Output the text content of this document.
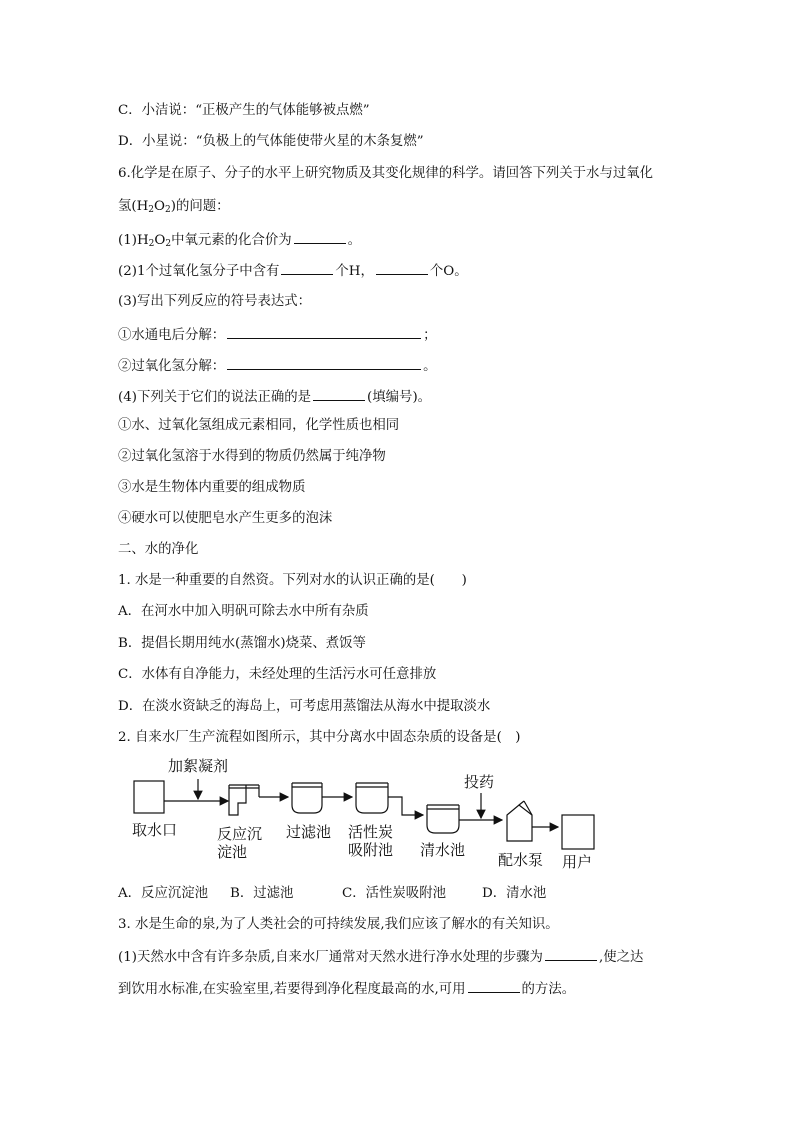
C．小洁说：“正极产生的气体能够被点燃”
D．小星说：“负极上的气体能使带火星的木条复燃”
6.化学是在原子、分子的水平上研究物质及其变化规律的科学。请回答下列关于水与过氧化
氢$(H_2O_2)$的问题：
$(1)H_2O_2$中氧元素的化合价为	。
(2)1个过氧化氢分子中含有	个H，	个O。
(3)写出下列反应的符号表达式：
①水通电后分解：	；
②过氧化氢分解：	。
(4)下列关于它们的说法正确的是	(填编号)。
①水、过氧化氢组成元素相同，化学性质也相同
②过氧化氢溶于水得到的物质仍然属于纯净物
③水是生物体内重要的组成物质
④硬水可以使肥皂水产生更多的泡沫
二、水的净化
1. 水是一种重要的自然资。下列对水的认识正确的是(　　)
A．在河水中加入明矾可除去水中所有杂质
B．提倡长期用纯水(蒸馏水)烧菜、煮饭等
C．水体有自净能力，未经处理的生活污水可任意排放
D．在淡水资缺乏的海岛上，可考虑用蒸馏法从海水中提取淡水
2. 自来水厂生产流程如图所示，其中分离水中固态杂质的设备是(　)
加絮凝剂
取水口	反应沉
淀池
过滤池 活性炭
吸附池
投药
清水池
配水泵 用户
A．反应沉淀池 B．过滤池	C．活性炭吸附池	D．清水池
3. 水是生命的泉,为了人类社会的可持续发展,我们应该了解水的有关知识。
(1)天然水中含有许多杂质,自来水厂通常对天然水进行净水处理的步骤为	,使之达
到饮用水标准,在实验室里,若要得到净化程度最高的水,可用	的方法。
